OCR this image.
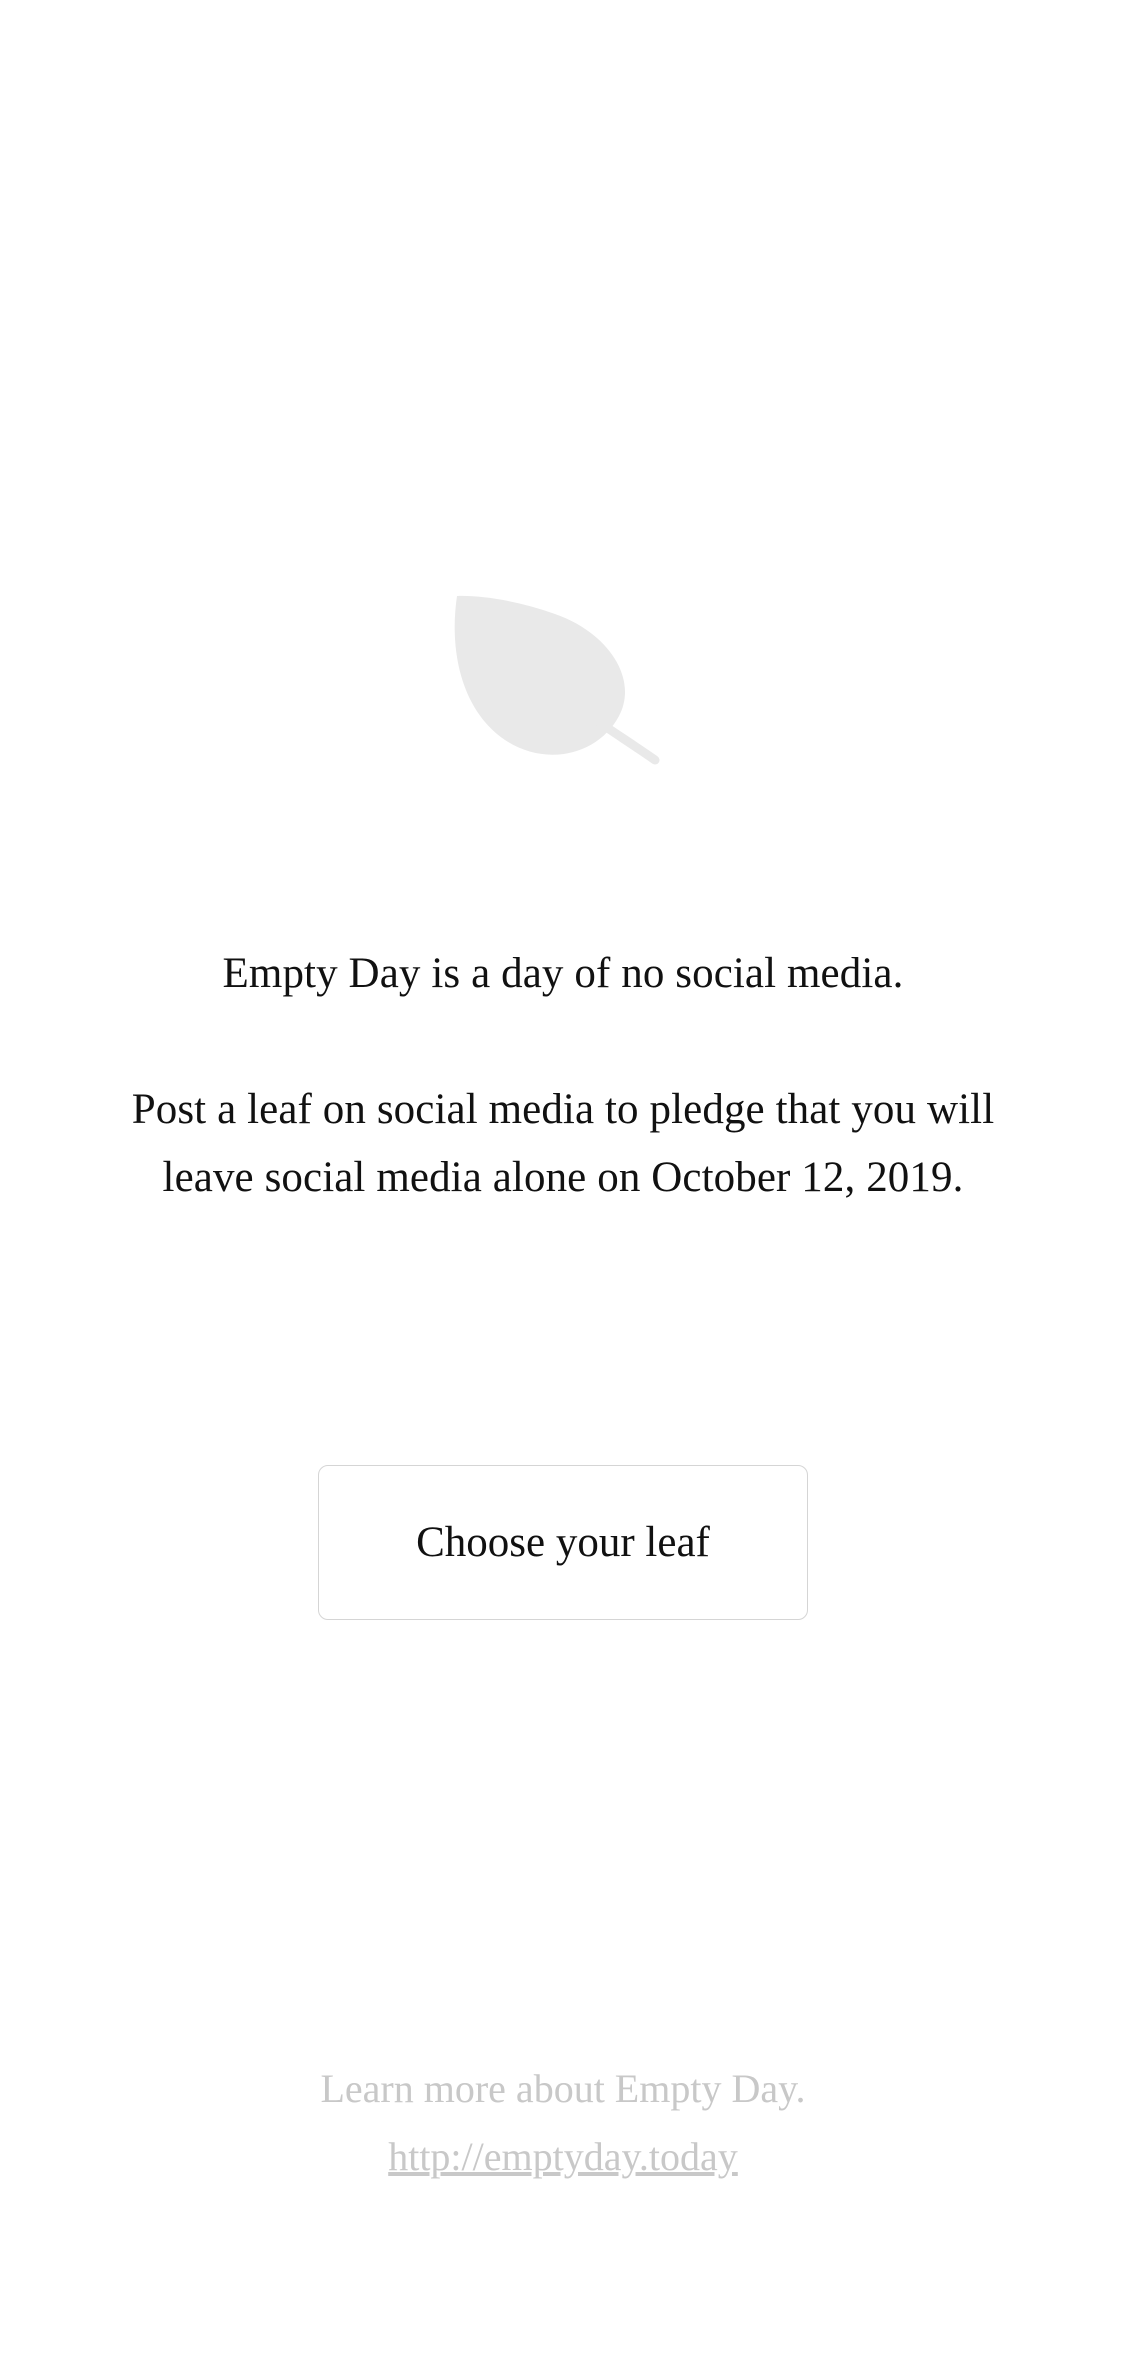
Empty Day is a day of no social media.
Post a leaf on social media to pledge that you will leave social media alone on October 12, 2019.
Choose your leaf
Learn more about Empty Day.
http://emptyday.today
